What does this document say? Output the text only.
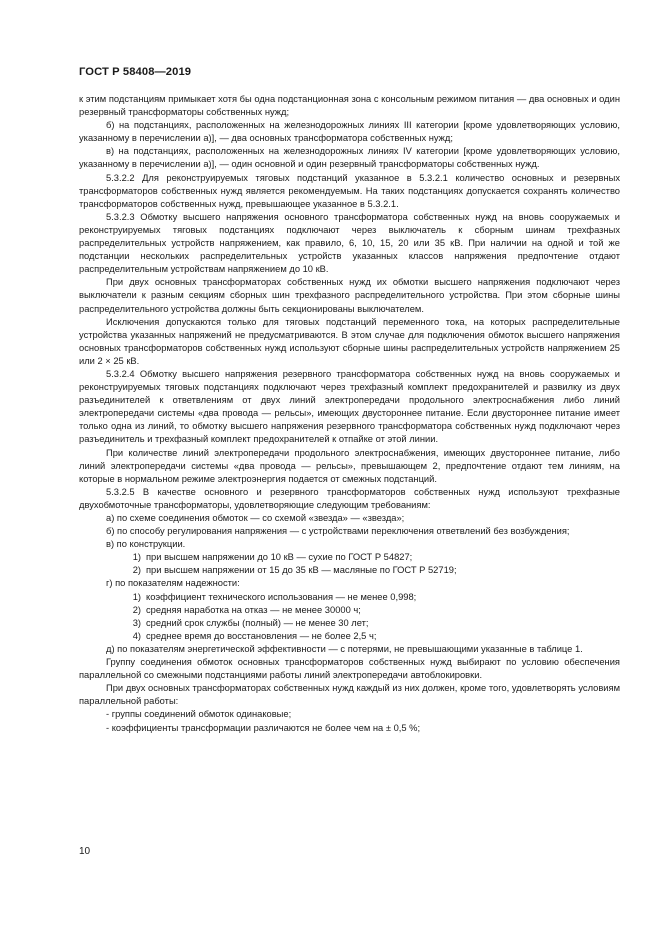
ГОСТ Р 58408—2019

к этим подстанциям примыкает хотя бы одна подстанционная зона с консольным режимом питания — два основных и один резервный трансформаторы собственных нужд;

б) на подстанциях, расположенных на железнодорожных линиях III категории [кроме удовлетворяющих условию, указанному в перечислении а)], — два основных трансформатора собственных нужд;

в) на подстанциях, расположенных на железнодорожных линиях IV категории [кроме удовлетворяющих условию, указанному в перечислении а)], — один основной и один резервный трансформаторы собственных нужд.

5.3.2.2 Для реконструируемых тяговых подстанций указанное в 5.3.2.1 количество основных и резервных трансформаторов собственных нужд является рекомендуемым. На таких подстанциях допускается сохранять количество трансформаторов собственных нужд, превышающее указанное в 5.3.2.1.

5.3.2.3 Обмотку высшего напряжения основного трансформатора собственных нужд на вновь сооружаемых и реконструируемых тяговых подстанциях подключают через выключатель к сборным шинам трехфазных распределительных устройств напряжением, как правило, 6, 10, 15, 20 или 35 кВ. При наличии на одной и той же подстанции нескольких распределительных устройств указанных классов напряжения предпочтение отдают распределительным устройствам напряжением до 10 кВ.

При двух основных трансформаторах собственных нужд их обмотки высшего напряжения подключают через выключатели к разным секциям сборных шин трехфазного распределительного устройства. При этом сборные шины распределительного устройства должны быть секционированы выключателем.

Исключения допускаются только для тяговых подстанций переменного тока, на которых распределительные устройства указанных напряжений не предусматриваются. В этом случае для подключения обмоток высшего напряжения основных трансформаторов собственных нужд используют сборные шины распределительных устройств напряжением 25 или 2 × 25 кВ.

5.3.2.4 Обмотку высшего напряжения резервного трансформатора собственных нужд на вновь сооружаемых и реконструируемых тяговых подстанциях подключают через трехфазный комплект предохранителей и развилку из двух разъединителей к ответвлениям от двух линий электропередачи продольного электроснабжения либо линий электропередачи системы «два провода — рельсы», имеющих двустороннее питание. Если двустороннее питание имеет только одна из линий, то обмотку высшего напряжения резервного трансформатора собственных нужд подключают через разъединитель и трехфазный комплект предохранителей к отпайке от этой линии.

При количестве линий электропередачи продольного электроснабжения, имеющих двустороннее питание, либо линий электропередачи системы «два провода — рельсы», превышающем 2, предпочтение отдают тем линиям, на которые в нормальном режиме электроэнергия подается от смежных подстанций.

5.3.2.5 В качестве основного и резервного трансформаторов собственных нужд используют трехфазные двухобмоточные трансформаторы, удовлетворяющие следующим требованиям:

а) по схеме соединения обмоток — со схемой «звезда» — «звезда»;

б) по способу регулирования напряжения — с устройствами переключения ответвлений без возбуждения;

в) по конструкции.

1) при высшем напряжении до 10 кВ — сухие по ГОСТ Р 54827;

2) при высшем напряжении от 15 до 35 кВ — масляные по ГОСТ Р 52719;

г) по показателям надежности:

1) коэффициент технического использования — не менее 0,998;

2) средняя наработка на отказ — не менее 30000 ч;

3) средний срок службы (полный) — не менее 30 лет;

4) среднее время до восстановления — не более 2,5 ч;

д) по показателям энергетической эффективности — с потерями, не превышающими указанные в таблице 1.

Группу соединения обмоток основных трансформаторов собственных нужд выбирают по условию обеспечения параллельной со смежными подстанциями работы линий электропередачи автоблокировки.

При двух основных трансформаторах собственных нужд каждый из них должен, кроме того, удовлетворять условиям параллельной работы:

- группы соединений обмоток одинаковые;

- коэффициенты трансформации различаются не более чем на ± 0,5 %;

10
